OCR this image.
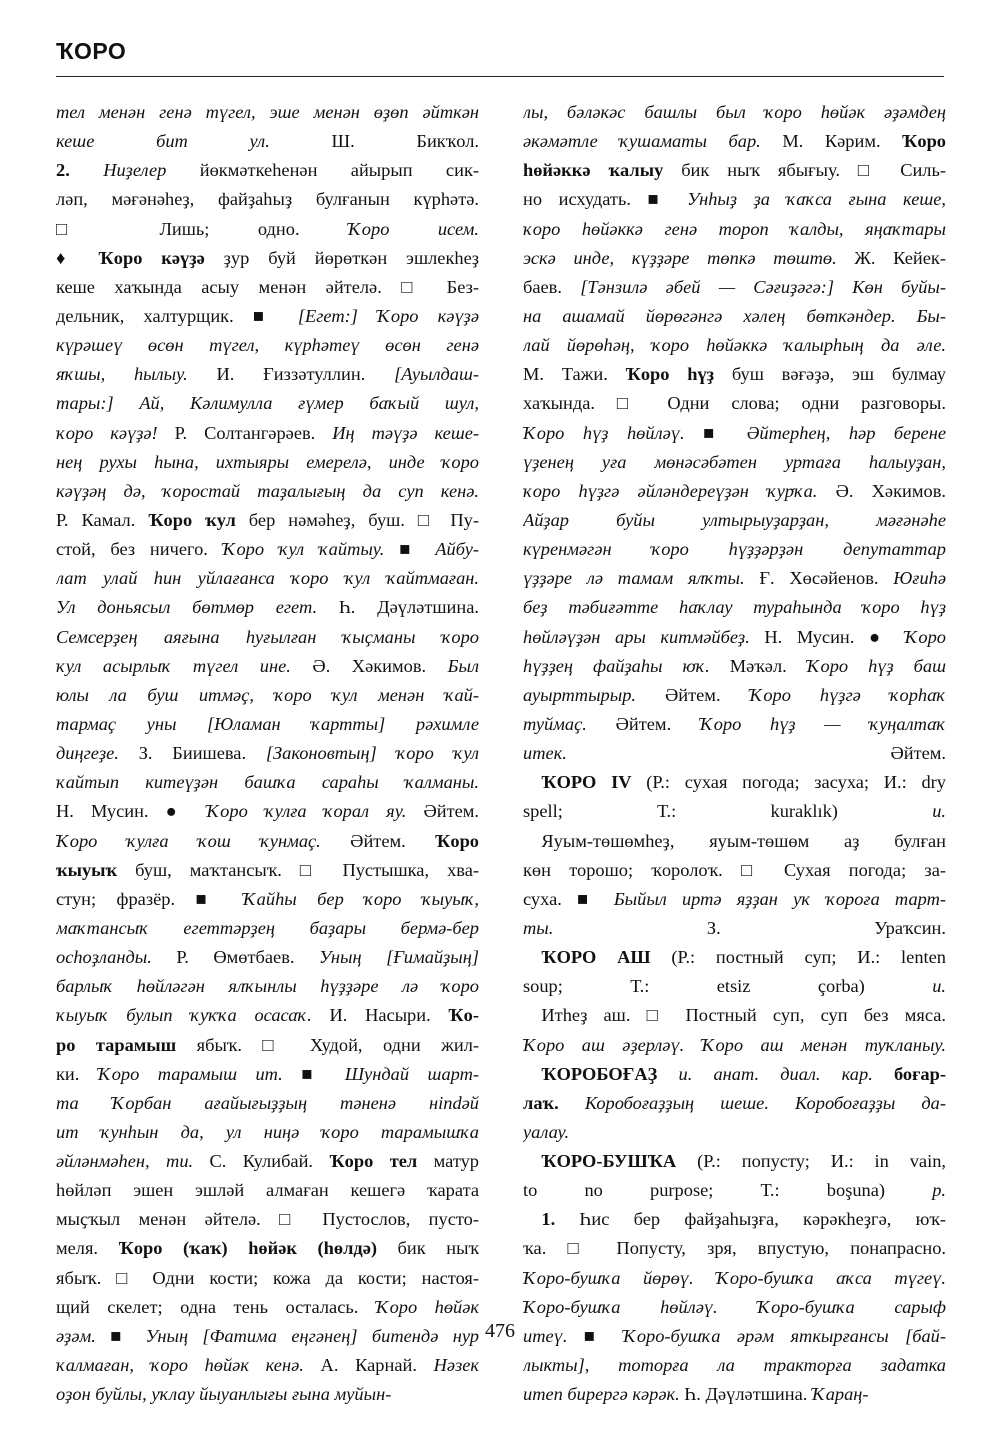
ҠОРО
тел менән генә түгел, эше менән өҙөп әйткән
кеше бит ул. Ш. Бикҡол.
2. Ниҙелер йөкмәткеһенән айырып сик-
ләп, мәғәнәһеҙ, файҙаһыҙ булғанын күрһәтә.
□ Лишь; одно. Ҡоро исем.
♦ Ҡоро кәүҙә ҙур буй йөрөткән эшлекһеҙ
кеше хаҡында асыу менән әйтелә. □ Без-
дельник, халтурщик. ■ [Егет:] Ҡоро кәүҙә
күрәшеү өсөн түгел, күрһәтеү өсөн генә
яҡшы, һылыу. И. Ғиззәтуллин. [Ауылдаш-
тары:] Ай, Кәлимулла ғүмер баҡый шул,
ҡоро кәүҙә! Р. Солтангәрәев. Иң тәүҙә кеше-
нең рухы һына, ихтыяры емерелә, инде ҡоро
кәүҙәң дә, ҡоростай таҙалығың да суп кенә.
Р. Камал. Ҡоро ҡул бер нәмәһеҙ, буш. □ Пу-
стой, без ничего. Ҡоро ҡул ҡайтыу. ■ Айбу-
лат улай һин уйлағанса ҡоро ҡул ҡайтмаған.
Ул доньясыл бөтмөр егет. Һ. Дәүләтшина.
Семсерҙең аяғына һуғылған ҡыҫманы ҡоро
ҡул асырлыҡ түгел ине. Ә. Хәкимов. Был
юлы ла буш итмәҫ, ҡоро ҡул менән ҡай-
тармаҫ уны [Юламан ҡартты] рәхимле
диңгеҙе. З. Биишева. [Законовтың] ҡоро ҡул
ҡайтып китеүҙән башҡа сараһы ҡалманы.
Н. Мусин. ● Ҡоро ҡулға ҡорал яу. Әйтем.
Ҡоро ҡулға ҡош ҡунмаҫ. Әйтем. Ҡоро
ҡыуыҡ буш, маҡтансыҡ. □ Пустышка, хва-
стун; фразёр. ■ Ҡайһы бер ҡоро ҡыуыҡ,
маҡтансыҡ егеттәрҙең баҙары бермә-бер
осһоҙланды. Р. Өмөтбаев. Уның [Ғимайҙың]
барлыҡ һөйләгән ялҡынлы һүҙҙәре лә ҡоро
ҡыуыҡ булып ҡуҡҡа осасаҡ. И. Насыри. Ҡо-
ро тарамыш ябыҡ. □ Худой, одни жил-
ки. Ҡоро тарамыш ит. ■ Шундай шарт-
та Ҡорбан ағайығыҙҙың тәненә нindәй
ит ҡунһын да, ул ниңә ҡоро тарамышҡа
әйләнмәһен, ти. С. Кулибай. Ҡоро тел матур
һөйләп эшен эшләй алмаған кешегә ҡарата
мыҫҡыл менән әйтелә. □ Пустослов, пусто-
меля. Ҡоро (ҡаҡ) һөйәк (һөлдә) бик ныҡ
ябыҡ. □ Одни кости; кожа да кости; настоя-
щий скелет; одна тень осталась. Ҡоро һөйәк
әҙәм. ■ Уның [Фатима еңгәнең] битендә нур
ҡалмаған, ҡоро һөйәк кенә. А. Карнай. Нәзек
оҙон буйлы, уҡлау йыуанлығы ғына муйын-
лы, бәләкәс башлы был ҡоро һөйәк әҙәмдең
әкәмәтле ҡушаматы бар. М. Кәрим. Ҡоро
һөйәккә ҡалыу бик ныҡ ябығыу. □ Силь-
но исхудать. ■ Унһыҙ ҙа ҡаҡса ғына кеше,
ҡоро һөйәккә генә тороп ҡалды, яңаҡтары
эскә инде, күҙҙәре төпкә төштө. Ж. Кейек-
баев. [Тәнзилә әбей — Сәғиҙәгә:] Көн буйы-
на ашамай йөрөгәнгә хәлең бөткәндер. Бы-
лай йөрөһәң, ҡоро һөйәккә ҡалырһың да әле.
М. Тажи. Ҡоро һүҙ буш вәғәҙә, эш булмау
хаҡында. □ Одни слова; одни разговоры.
Ҡоро һүҙ һөйләү. ■ Әйтерһең, һәр берене
үҙенең уға мөнәсәбәтен уртаға һалыуҙан,
ҡоро һүҙгә әйләндереүҙән ҡурҡа. Ә. Хәкимов.
Айҙар буйы ултырыуҙарҙан, мәғәнәһе
күренмәгән ҡоро һүҙҙәрҙән депутаттар
үҙҙәре лә тамам ялҡты. Ғ. Хөсәйенов. Юғиһә
беҙ тәбиғәтте һаҡлау тураһында ҡоро һүҙ
һөйләүҙән ары китмәйбеҙ. Н. Мусин. ● Ҡоро
һүҙҙең файҙаһы юҡ. Мәҡәл. Ҡоро һүҙ баш
ауырттырыр. Әйтем. Ҡоро һүҙгә ҡорһаҡ
туймаҫ. Әйтем. Ҡоро һүҙ — ҡуңалтаҡ
итек. Әйтем.
 ҠОРО IV (Р.: сухая погода; засуха; И.: dry
spell; Т.: kuraklık) и.
 Яуым-төшөмһеҙ, яуым-төшөм аҙ булған
көн торошо; ҡоролоҡ. □ Сухая погода; за-
суха. ■ Быйыл иртә яҙҙан уҡ ҡороға тарт-
ты. З. Ураҡсин.
 ҠОРО АШ (Р.: постный суп; И.: lenten
soup; Т.: etsiz çorba) и.
 Итһеҙ аш. □ Постный суп, суп без мяса.
Ҡоро аш әҙерләү. Ҡоро аш менән туҡланыу.
 ҠОРОБОҒАҘ и. анат. диал. кар. боғар-
лаҡ. Коробоғаҙҙың шеше. Коробоғаҙҙы да-
уалау.
 ҠОРО-БУШҠА (Р.: попусту; И.: in vain,
to no purpose; Т.: boşuna) р.
 1. Һис бер файҙаһыҙға, кәрәкһеҙгә, юҡ-
ҡа. □ Попусту, зря, впустую, понапрасно.
Ҡоро-бушҡа йөрөү. Ҡоро-бушҡа аҡса түгеү.
Ҡоро-бушҡа һөйләү. Ҡоро-бушҡа сарыф
итеү. ■ Ҡоро-бушҡа әрәм яткырғансы [бай-
лыкты], тоторға ла тракторға задатка
итеп бирергә кәрәк. Һ. Дәүләтшина. Ҡараң-
476
